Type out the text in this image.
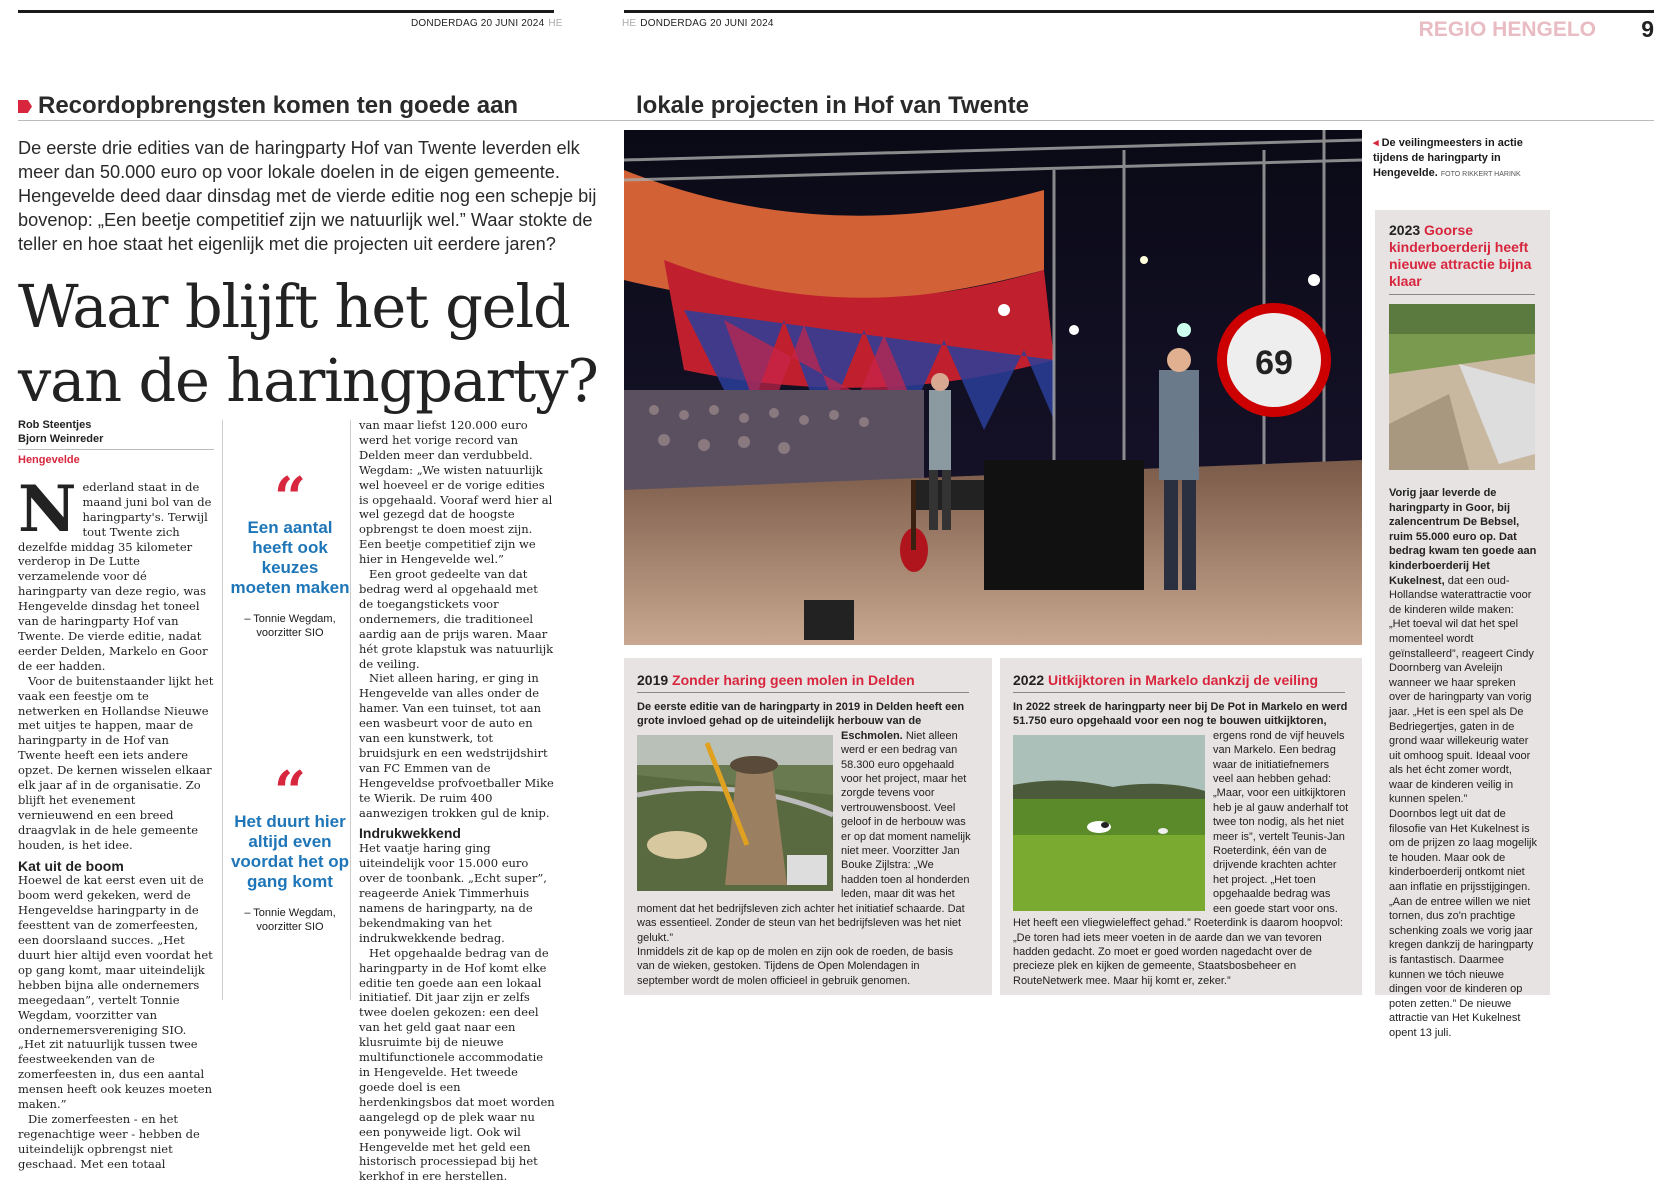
DONDERDAG 20 JUNI 2024 HE	HE DONDERDAG 20 JUNI 2024	REGIO HENGELO 9
Recordopbrengsten komen ten goede aan	lokale projecten in Hof van Twente
De eerste drie edities van de haringparty Hof van Twente leverden elk meer dan 50.000 euro op voor lokale doelen in de eigen gemeente. Hengevelde deed daar dinsdag met de vierde editie nog een schepje bij bovenop: „Een beetje competitief zijn we natuurlijk wel.” Waar stokte de teller en hoe staat het eigenlijk met die projecten uit eerdere jaren?
Waar blijft het geld
van de haringparty?
Rob Steentjes
Bjorn Weinreder
Hengevelde
N ederland staat in de maand juni bol van de haringparty's. Terwijl tout Twente zich dezelfde middag 35 kilometer verderop in De Lutte verzamelende voor dé haringparty van deze regio, was Hengevelde dinsdag het toneel van de haringparty Hof van Twente. De vierde editie, nadat eerder Delden, Markelo en Goor de eer hadden.

Voor de buitenstaander lijkt het vaak een feestje om te netwerken en Hollandse Nieuwe met uitjes te happen, maar de haringparty in de Hof van Twente heeft een iets andere opzet. De kernen wisselen elkaar elk jaar af in de organisatie. Zo blijft het evenement vernieuwend en een breed draagvlak in de hele gemeente houden, is het idee.

Kat uit de boom

Hoewel de kat eerst even uit de boom werd gekeken, werd de Hengeveldse haringparty in de feesttent van de zomerfeesten, een doorslaand succes. „Het duurt hier altijd even voordat het op gang komt, maar uiteindelijk hebben bijna alle ondernemers meegedaan”, vertelt Tonnie Wegdam, voorzitter van ondernemersvereniging SIO. „Het zit natuurlijk tussen twee feestweekenden van de zomerfeesten in, dus een aantal mensen heeft ook keuzes moeten maken.”

Die zomerfeesten - en het regenachtige weer - hebben de uiteindelijk opbrengst niet geschaad. Met een totaal

“
Een aantal heeft ook keuzes moeten maken
– Tonnie Wegdam, voorzitter SIO
“
Het duurt hier altijd even voordat het op gang komt
– Tonnie Wegdam, voorzitter SIO

van maar liefst 120.000 euro werd het vorige record van Delden meer dan verdubbeld. Wegdam: „We wisten natuurlijk wel hoeveel er de vorige edities is opgehaald. Vooraf werd hier al wel gezegd dat de hoogste opbrengst te doen moest zijn. Een beetje competitief zijn we hier in Hengevelde wel.”

Een groot gedeelte van dat bedrag werd al opgehaald met de toegangstickets voor ondernemers, die traditioneel aardig aan de prijs waren. Maar hét grote klapstuk was natuurlijk de veiling.

Niet alleen haring, er ging in Hengevelde van alles onder de hamer. Van een tuinset, tot aan een wasbeurt voor de auto en van een kunstwerk, tot bruidsjurk en een wedstrijdshirt van FC Emmen van de Hengeveldse profvoetballer Mike te Wierik. De ruim 400 aanwezigen trokken gul de knip.

Indrukwekkend

Het vaatje haring ging uiteindelijk voor 15.000 euro over de toonbank. „Echt super”, reageerde Aniek Timmerhuis namens de haringparty, na de bekendmaking van het indrukwekkende bedrag.

Het opgehaalde bedrag van de haringparty in de Hof komt elke editie ten goede aan een lokaal initiatief. Dit jaar zijn er zelfs twee doelen gekozen: een deel van het geld gaat naar een klusruimte bij de nieuwe multifunctionele accommodatie in Hengevelde. Het tweede goede doel is een herdenkingsbos dat moet worden aangelegd op de plek waar nu een ponyweide ligt. Ook wil Hengevelde met het geld een historisch processiepad bij het kerkhof in ere herstellen.

69
◂ De veilingmeesters in actie tijdens de haringparty in Hengevelde. FOTO RIKKERT HARINK
2019 Zonder haring geen molen in Delden
De eerste editie van de haringparty in 2019 in Delden heeft een grote invloed gehad op de uiteindelijk herbouw van de Eschmolen. Niet alleen werd er een bedrag van 58.300 euro opgehaald voor het project, maar het zorgde tevens voor vertrouwensboost. Veel geloof in de herbouw was er op dat moment namelijk niet meer. Voorzitter Jan Bouke Zijlstra: „We hadden toen al honderden leden, maar dit was het moment dat het bedrijfsleven zich achter het initiatief schaarde. Dat was essentieel. Zonder de steun van het bedrijfsleven was het niet gelukt.”
Inmiddels zit de kap op de molen en zijn ook de roeden, de basis van de wieken, gestoken. Tijdens de Open Molendagen in september wordt de molen officieel in gebruik genomen.
2022 Uitkijktoren in Markelo dankzij de veiling
In 2022 streek de haringparty neer bij De Pot in Markelo en werd 51.750 euro opgehaald voor een nog te bouwen uitkijktoren,
ergens rond de vijf heuvels van Markelo. Een bedrag waar de initiatiefnemers veel aan hebben gehad: „Maar, voor een uitkijktoren heb je al gauw anderhalf tot twee ton nodig, als het niet meer is”, vertelt Teunis-Jan Roeterdink, één van de drijvende krachten achter het project. „Het toen opgehaalde bedrag was een goede start voor ons. Het heeft een vliegwieleffect gehad.” Roeterdink is daarom hoopvol: „De toren had iets meer voeten in de aarde dan we van tevoren hadden gedacht. Zo moet er goed worden nagedacht over de precieze plek en kijken de gemeente, Staatsbosbeheer en RouteNetwerk mee. Maar hij komt er, zeker.”
2023 Goorse kinderboerderij heeft nieuwe attractie bijna klaar
Vorig jaar leverde de haringparty in Goor, bij zalencentrum De Bebsel, ruim 55.000 euro op. Dat bedrag kwam ten goede aan kinderboerderij Het Kukelnest, dat een oud-Hollandse waterattractie voor de kinderen wilde maken: „Het toeval wil dat het spel momenteel wordt geïnstalleerd”, reageert Cindy Doornberg van Aveleijn wanneer we haar spreken over de haringparty van vorig jaar. „Het is een spel als De Bedriegertjes, gaten in de grond waar willekeurig water uit omhoog spuit. Ideaal voor als het écht zomer wordt, waar de kinderen veilig in kunnen spelen.”
Doornbos legt uit dat de filosofie van Het Kukelnest is om de prijzen zo laag mogelijk te houden. Maar ook de kinderboerderij ontkomt niet aan inflatie en prijsstijgingen. „Aan de entree willen we niet tornen, dus zo'n prachtige schenking zoals we vorig jaar kregen dankzij de haringparty is fantastisch. Daarmee kunnen we tóch nieuwe dingen voor de kinderen op poten zetten.” De nieuwe attractie van Het Kukelnest opent 13 juli.
